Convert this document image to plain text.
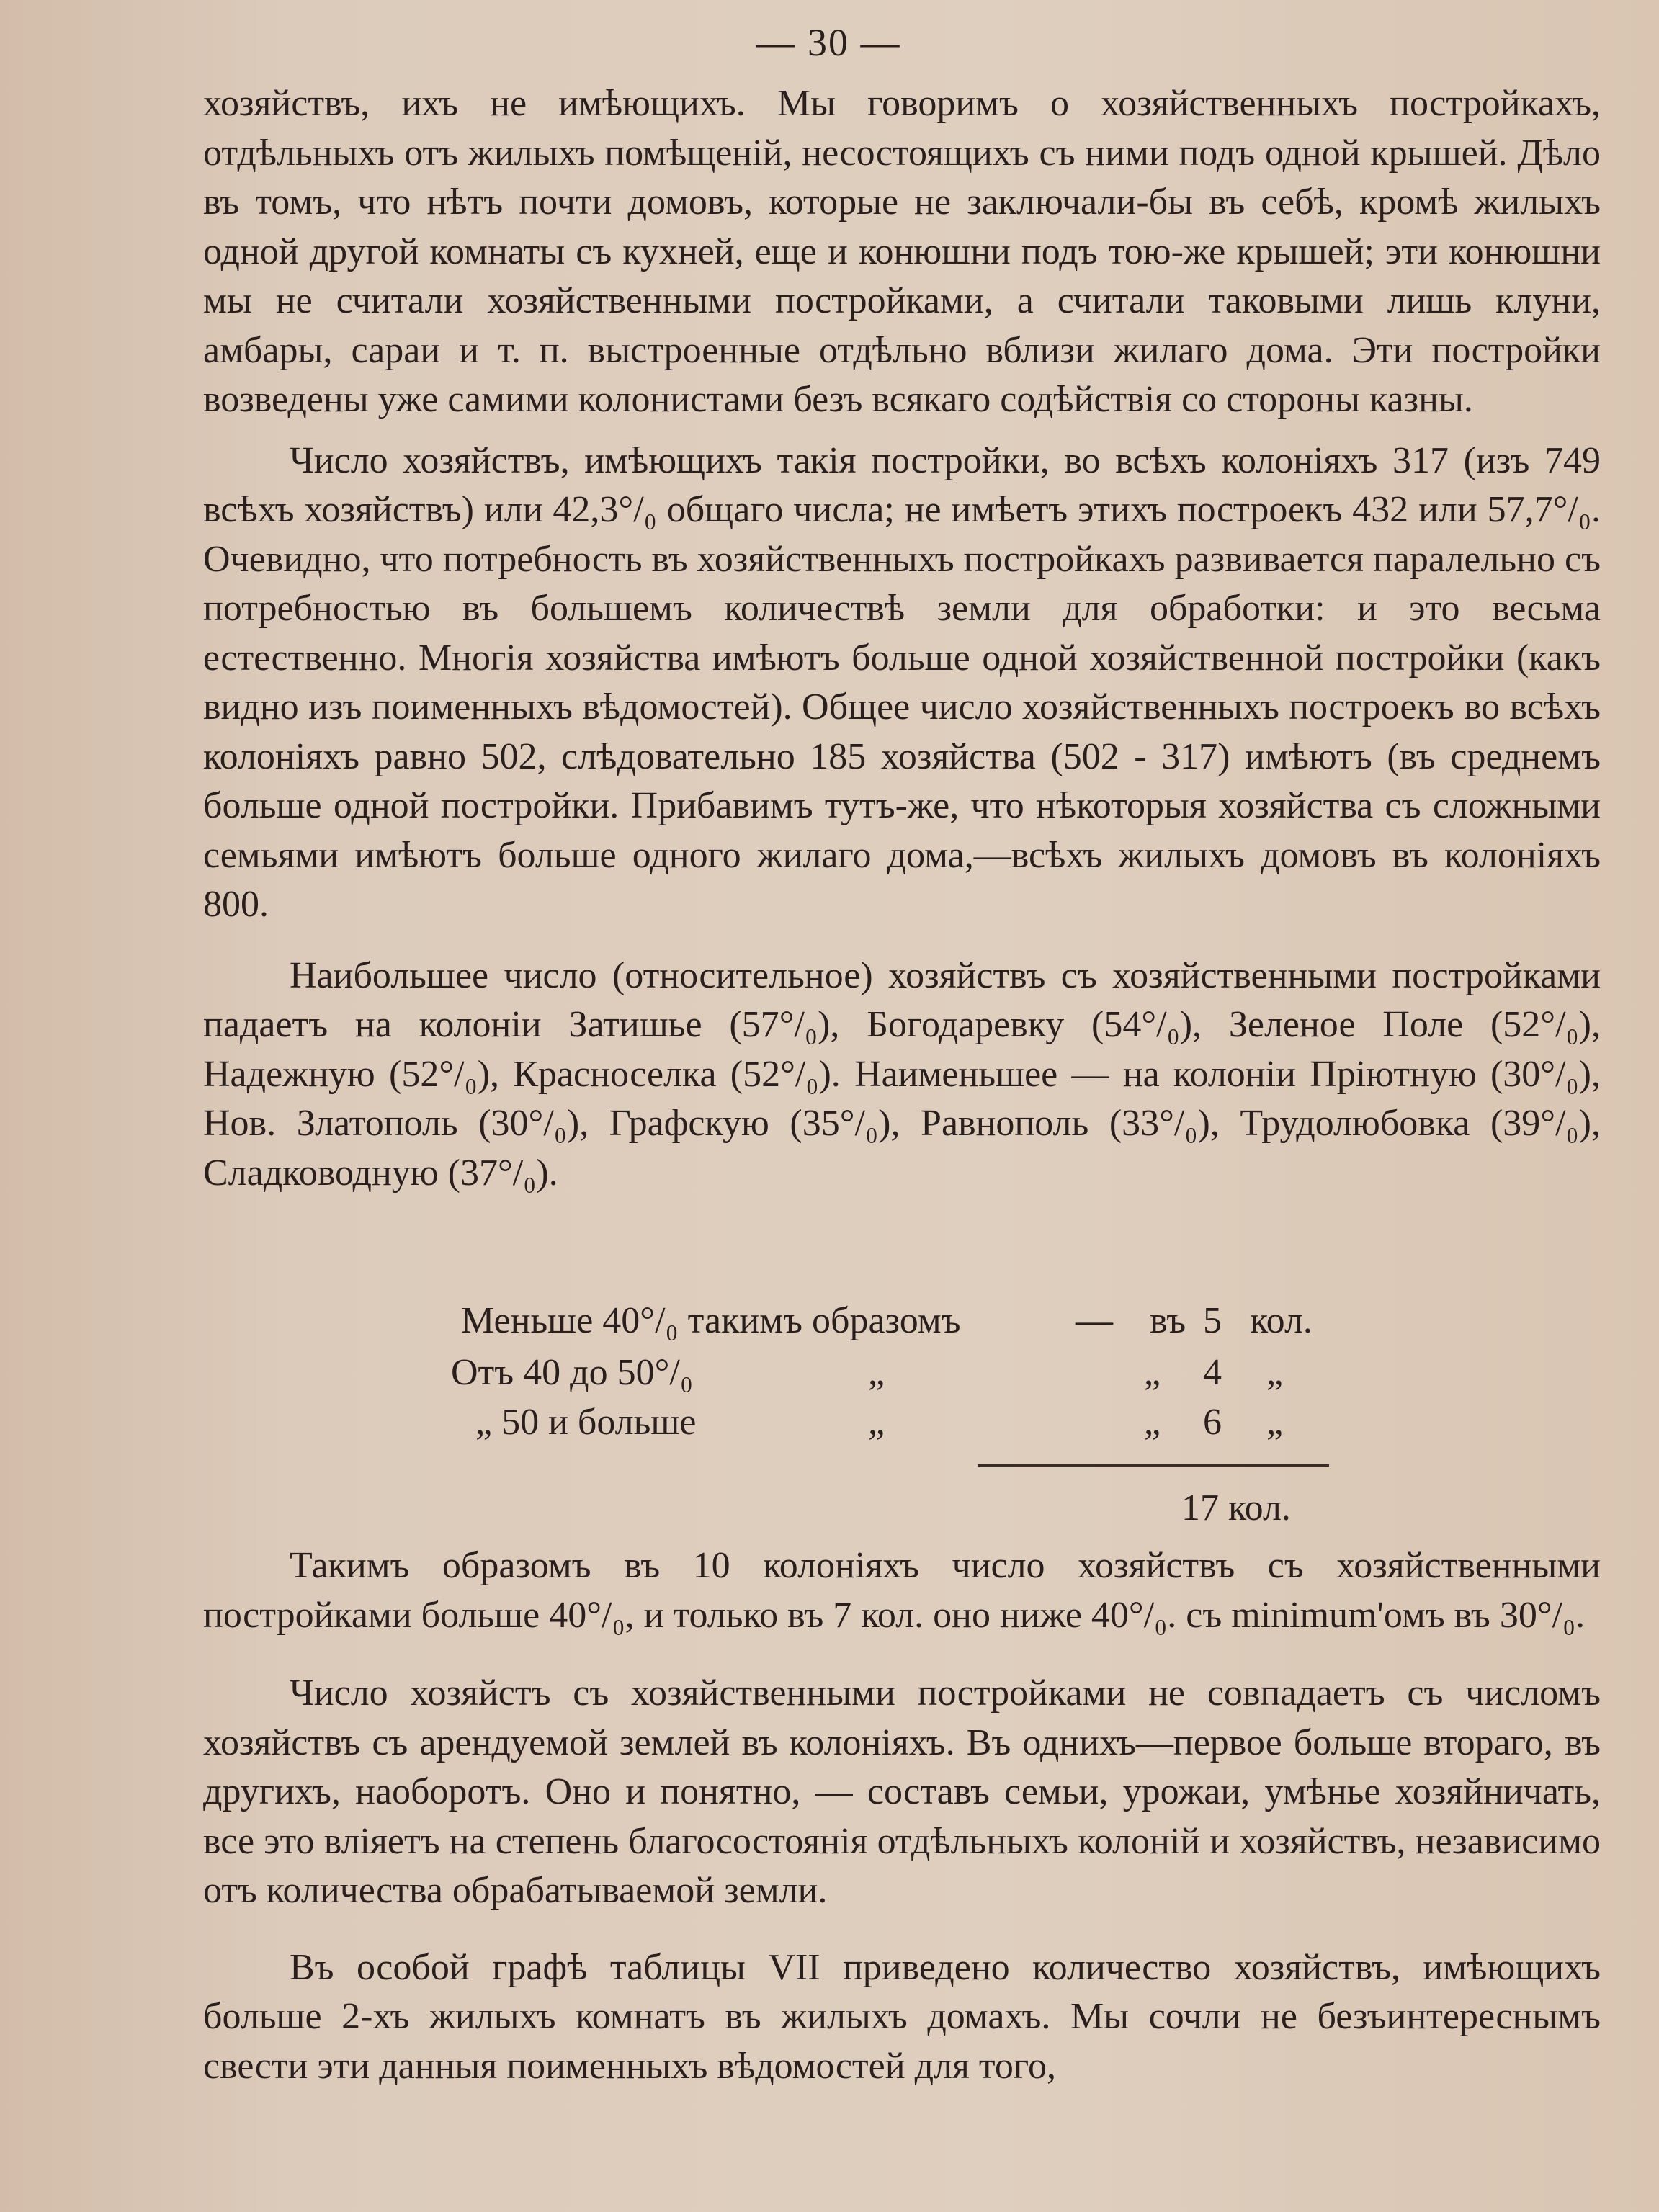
— 30 —

хозяйствъ, ихъ не имѣющихъ. Мы говоримъ о хозяйственныхъ постройкахъ, отдѣльныхъ отъ жилыхъ помѣщеній, несостоящихъ съ ними подъ одной крышей. Дѣло въ томъ, что нѣтъ почти домовъ, которые не заключали-бы въ себѣ, кромѣ жилыхъ одной другой комнаты съ кухней, еще и конюшни подъ тою-же крышей; эти конюшни мы не считали хозяйственными постройками, а считали таковыми лишь клуни, амбары, сараи и т. п. выстроенные отдѣльно вблизи жилаго дома. Эти постройки возведены уже самими колонистами безъ всякаго содѣйствія со стороны казны.

Число хозяйствъ, имѣющихъ такія постройки, во всѣхъ колоніяхъ 317 (изъ 749 всѣхъ хозяйствъ) или 42,3°/₀ общаго числа; не имѣетъ этихъ построекъ 432 или 57,7°/₀. Очевидно, что потребность въ хозяйственныхъ постройкахъ развивается паралельно съ потребностью въ большемъ количествѣ земли для обработки: и это весьма естественно. Многія хозяйства имѣютъ больше одной хозяйственной постройки (какъ видно изъ поименныхъ вѣдомостей). Общее число хозяйственныхъ построекъ во всѣхъ колоніяхъ равно 502, слѣдовательно 185 хозяйства (502 - 317) имѣютъ (въ среднемъ больше одной постройки. Прибавимъ тутъ-же, что нѣкоторыя хозяйства съ сложными семьями имѣютъ больше одного жилаго дома,—всѣхъ жилыхъ домовъ въ колоніяхъ 800.

Наибольшее число (относительное) хозяйствъ съ хозяйственными постройками падаетъ на колоніи Затишье (57°/₀), Богодаревку (54°/₀), Зеленое Поле (52°/₀), Надежную (52°/₀), Красноселка (52°/₀). Наименьшее — на колоніи Пріютную (30°/₀), Нов. Златополь (30°/₀), Графскую (35°/₀), Равнополь (33°/₀), Трудолюбовка (39°/₀), Сладководную (37°/₀).

Такимъ образомъ въ 10 колоніяхъ число хозяйствъ съ хозяйственными постройками больше 40°/₀, и только въ 7 кол. оно ниже 40°/₀. съ minimum'омъ въ 30°/₀.

Число хозяйстъ съ хозяйственными постройками не совпадаетъ съ числомъ хозяйствъ съ арендуемой землей въ колоніяхъ. Въ однихъ—первое больше втораго, въ другихъ, наоборотъ. Оно и понятно, — составъ семьи, урожаи, умѣнье хозяйничать, все это вліяетъ на степень благосостоянія отдѣльныхъ колоній и хозяйствъ, независимо отъ количества обрабатываемой земли.

Въ особой графѣ таблицы VII приведено количество хозяйствъ, имѣющихъ больше 2-хъ жилыхъ комнатъ въ жилыхъ домахъ. Мы сочли не безъинтереснымъ свести эти данныя поименныхъ вѣдомостей для того,

Меньше 40°/₀ такимъ образомъ	— въ 5 кол.
Отъ 40 до 50°/₀	„	„ 4 „
„ 50 и больше	„	„ 6 „
17 кол.
